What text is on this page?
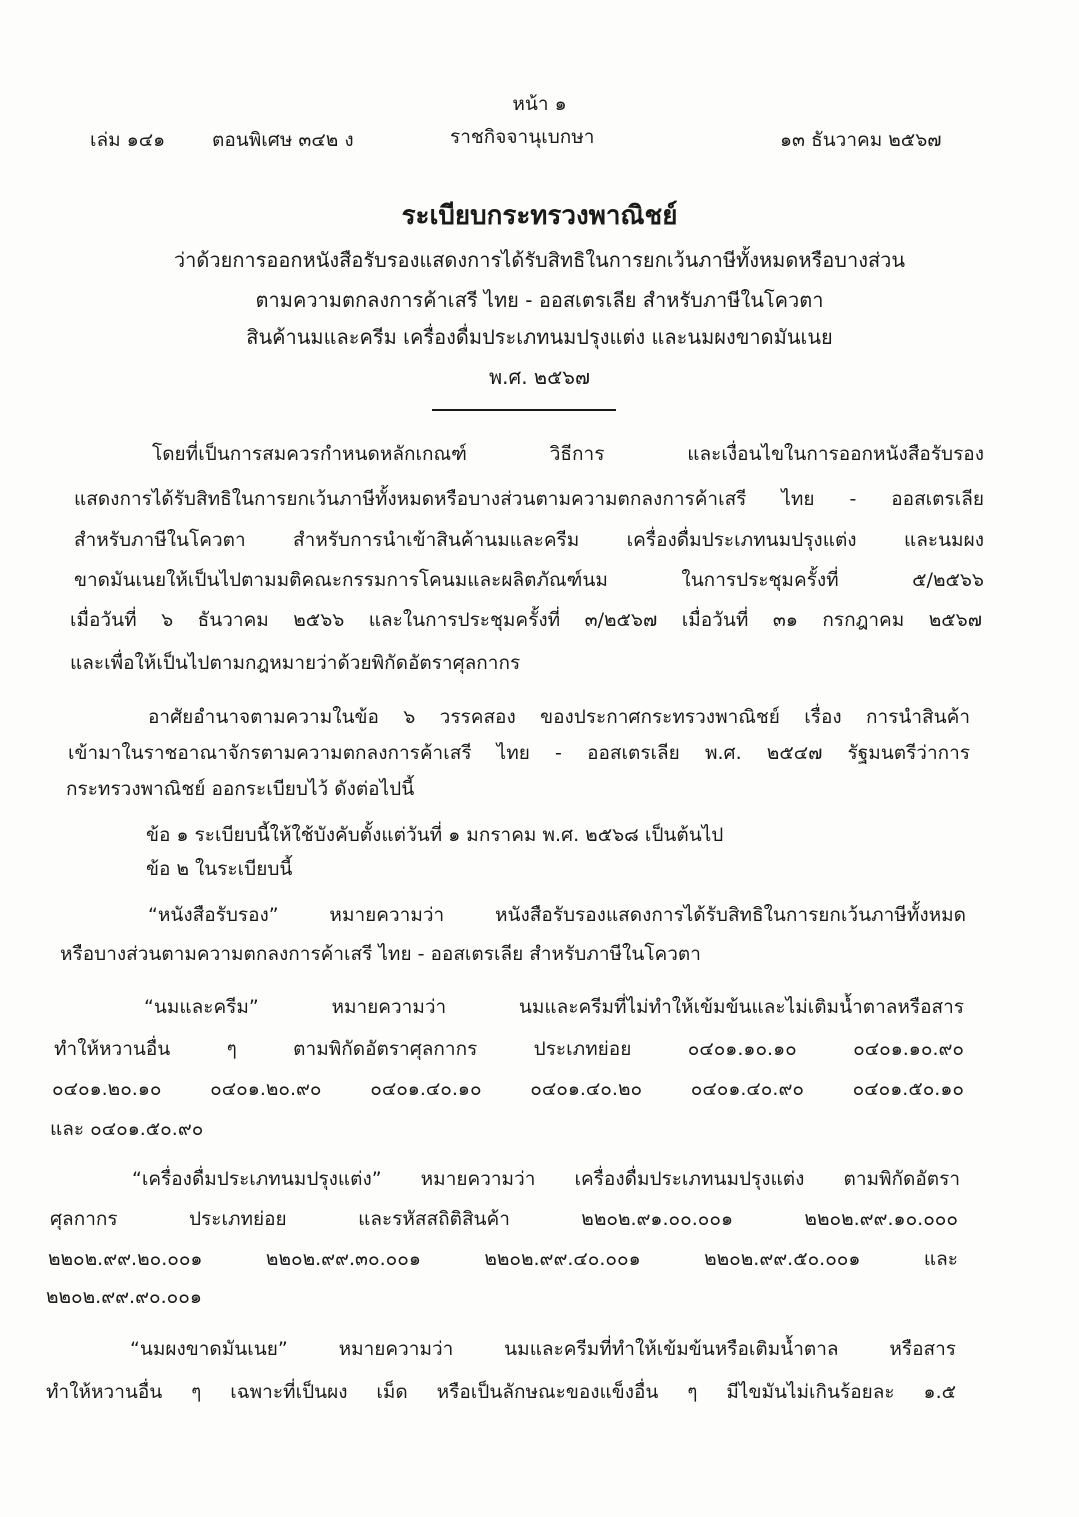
หน้า ๑
เล่ม ๑๔๑ ตอนพิเศษ ๓๔๒ ง	ราชกิจจานุเบกษา	๑๓ ธันวาคม ๒๕๖๗
ระเบียบกระทรวงพาณิชย์
ว่าด้วยการออกหนังสือรับรองแสดงการได้รับสิทธิในการยกเว้นภาษีทั้งหมดหรือบางส่วน
ตามความตกลงการค้าเสรี ไทย - ออสเตรเลีย สำหรับภาษีในโควตา
สินค้านมและครีม เครื่องดื่มประเภทนมปรุงแต่ง และนมผงขาดมันเนย
พ.ศ. ๒๕๖๗
โดยที่เป็นการสมควรกำหนดหลักเกณฑ์ วิธีการ และเงื่อนไขในการออกหนังสือรับรอง
แสดงการได้รับสิทธิในการยกเว้นภาษีทั้งหมดหรือบางส่วนตามความตกลงการค้าเสรี ไทย - ออสเตรเลีย
สำหรับภาษีในโควตา สำหรับการนำเข้าสินค้านมและครีม เครื่องดื่มประเภทนมปรุงแต่ง และนมผง
ขาดมันเนยให้เป็นไปตามมติคณะกรรมการโคนมและผลิตภัณฑ์นม ในการประชุมครั้งที่ ๕/๒๕๖๖
เมื่อวันที่ ๖ ธันวาคม ๒๕๖๖ และในการประชุมครั้งที่ ๓/๒๕๖๗ เมื่อวันที่ ๓๑ กรกฎาคม ๒๕๖๗
และเพื่อให้เป็นไปตามกฎหมายว่าด้วยพิกัดอัตราศุลกากร
อาศัยอำนาจตามความในข้อ ๖ วรรคสอง ของประกาศกระทรวงพาณิชย์ เรื่อง การนำสินค้า
เข้ามาในราชอาณาจักรตามความตกลงการค้าเสรี ไทย - ออสเตรเลีย พ.ศ. ๒๕๔๗ รัฐมนตรีว่าการ
กระทรวงพาณิชย์ ออกระเบียบไว้ ดังต่อไปนี้
ข้อ ๑ ระเบียบนี้ให้ใช้บังคับตั้งแต่วันที่ ๑ มกราคม พ.ศ. ๒๕๖๘ เป็นต้นไป
ข้อ ๒ ในระเบียบนี้
“หนังสือรับรอง” หมายความว่า หนังสือรับรองแสดงการได้รับสิทธิในการยกเว้นภาษีทั้งหมด
หรือบางส่วนตามความตกลงการค้าเสรี ไทย - ออสเตรเลีย สำหรับภาษีในโควตา
“นมและครีม” หมายความว่า นมและครีมที่ไม่ทำให้เข้มข้นและไม่เติมน้ำตาลหรือสาร
ทำให้หวานอื่น ๆ ตามพิกัดอัตราศุลกากร ประเภทย่อย ๐๔๐๑.๑๐.๑๐ ๐๔๐๑.๑๐.๙๐
๐๔๐๑.๒๐.๑๐ ๐๔๐๑.๒๐.๙๐ ๐๔๐๑.๔๐.๑๐ ๐๔๐๑.๔๐.๒๐ ๐๔๐๑.๔๐.๙๐ ๐๔๐๑.๕๐.๑๐
และ ๐๔๐๑.๕๐.๙๐
“เครื่องดื่มประเภทนมปรุงแต่ง” หมายความว่า เครื่องดื่มประเภทนมปรุงแต่ง ตามพิกัดอัตรา
ศุลกากร ประเภทย่อย และรหัสสถิติสินค้า ๒๒๐๒.๙๑.๐๐.๐๐๑ ๒๒๐๒.๙๙.๑๐.๐๐๐
๒๒๐๒.๙๙.๒๐.๐๐๑ ๒๒๐๒.๙๙.๓๐.๐๐๑ ๒๒๐๒.๙๙.๔๐.๐๐๑ ๒๒๐๒.๙๙.๕๐.๐๐๑ และ
๒๒๐๒.๙๙.๙๐.๐๐๑
“นมผงขาดมันเนย” หมายความว่า นมและครีมที่ทำให้เข้มข้นหรือเติมน้ำตาล หรือสาร
ทำให้หวานอื่น ๆ เฉพาะที่เป็นผง เม็ด หรือเป็นลักษณะของแข็งอื่น ๆ มีไขมันไม่เกินร้อยละ ๑.๕
